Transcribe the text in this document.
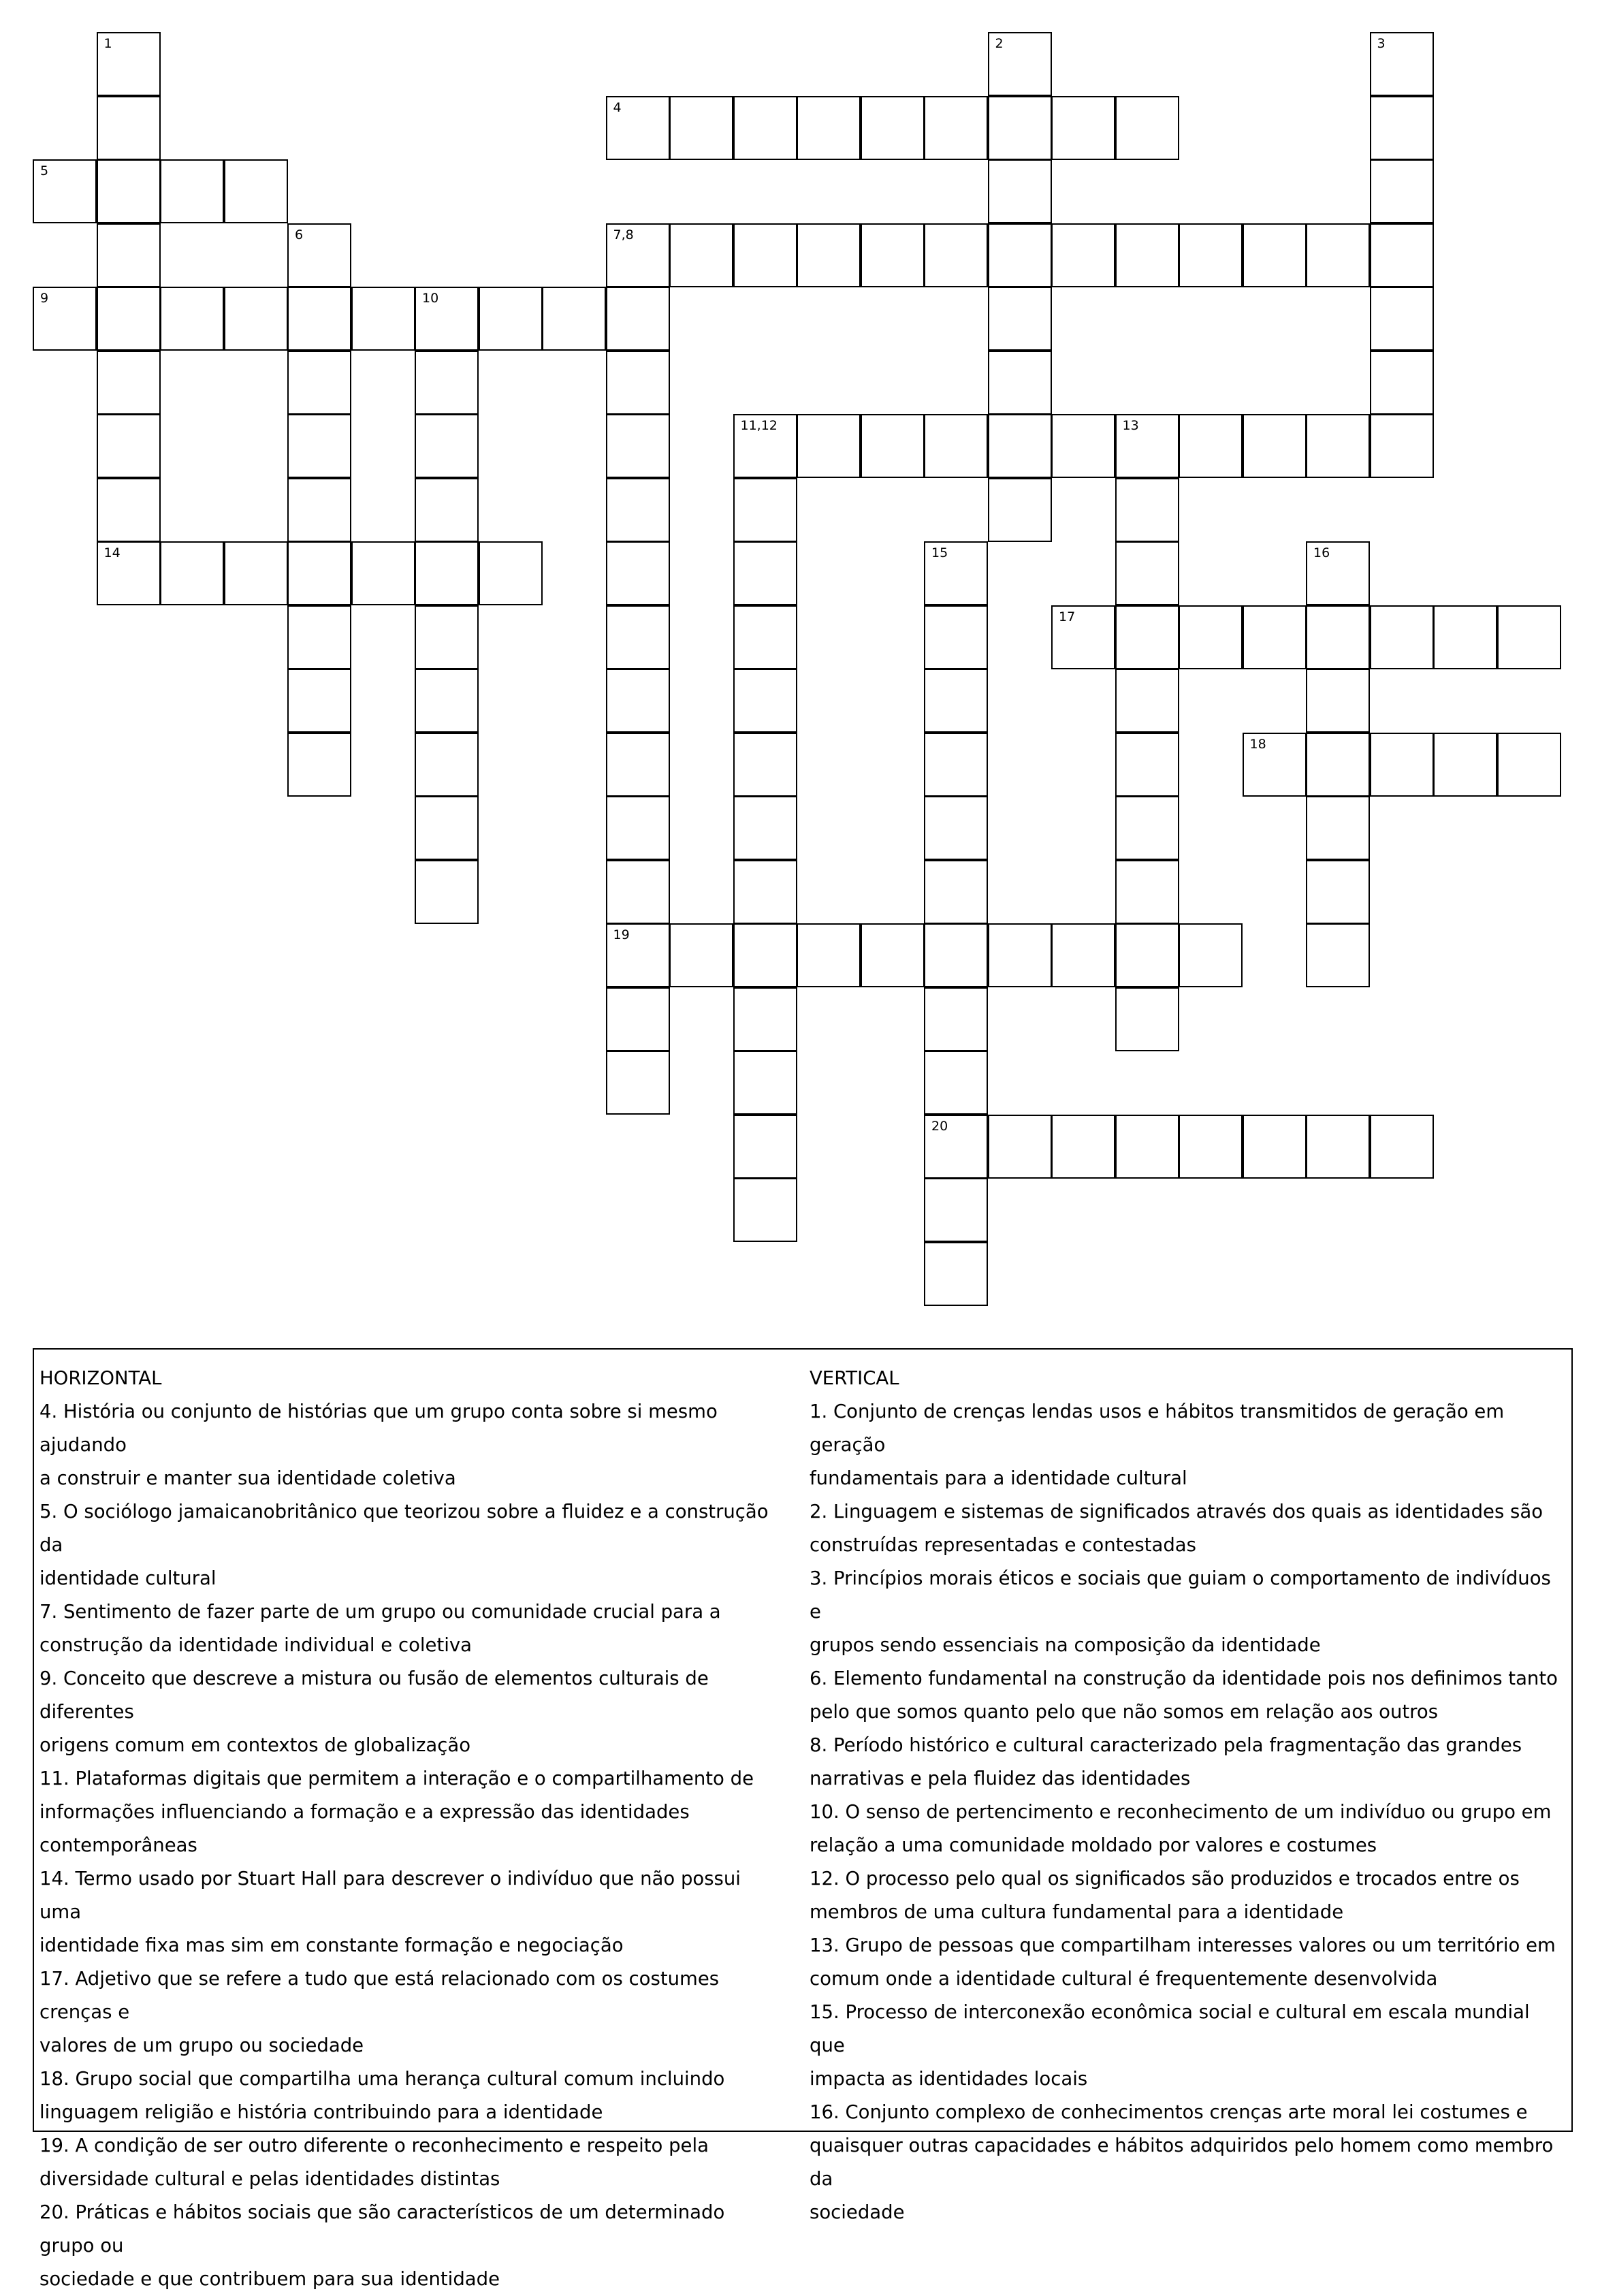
1
14
2	3
4
5
6	7,8
19
9	10
11,12	13
15
20
16
17
18
HORIZONTAL
4. História ou conjunto de histórias que um grupo conta sobre si mesmo ajudando
a construir e manter sua identidade coletiva
5. O sociólogo jamaicanobritânico que teorizou sobre a fluidez e a construção da
identidade cultural
7. Sentimento de fazer parte de um grupo ou comunidade crucial para a
construção da identidade individual e coletiva
9. Conceito que descreve a mistura ou fusão de elementos culturais de diferentes
origens comum em contextos de globalização
11. Plataformas digitais que permitem a interação e o compartilhamento de
informações influenciando a formação e a expressão das identidades
contemporâneas
14. Termo usado por Stuart Hall para descrever o indivíduo que não possui uma
identidade fixa mas sim em constante formação e negociação
17. Adjetivo que se refere a tudo que está relacionado com os costumes crenças e
valores de um grupo ou sociedade
18. Grupo social que compartilha uma herança cultural comum incluindo
linguagem religião e história contribuindo para a identidade
19. A condição de ser outro diferente o reconhecimento e respeito pela
diversidade cultural e pelas identidades distintas
20. Práticas e hábitos sociais que são característicos de um determinado grupo ou
sociedade e que contribuem para sua identidade
VERTICAL
1. Conjunto de crenças lendas usos e hábitos transmitidos de geração em geração
fundamentais para a identidade cultural
2. Linguagem e sistemas de significados através dos quais as identidades são
construídas representadas e contestadas
3. Princípios morais éticos e sociais que guiam o comportamento de indivíduos e
grupos sendo essenciais na composição da identidade
6. Elemento fundamental na construção da identidade pois nos definimos tanto
pelo que somos quanto pelo que não somos em relação aos outros
8. Período histórico e cultural caracterizado pela fragmentação das grandes
narrativas e pela fluidez das identidades
10. O senso de pertencimento e reconhecimento de um indivíduo ou grupo em
relação a uma comunidade moldado por valores e costumes
12. O processo pelo qual os significados são produzidos e trocados entre os
membros de uma cultura fundamental para a identidade
13. Grupo de pessoas que compartilham interesses valores ou um território em
comum onde a identidade cultural é frequentemente desenvolvida
15. Processo de interconexão econômica social e cultural em escala mundial que
impacta as identidades locais
16. Conjunto complexo de conhecimentos crenças arte moral lei costumes e
quaisquer outras capacidades e hábitos adquiridos pelo homem como membro da
sociedade
